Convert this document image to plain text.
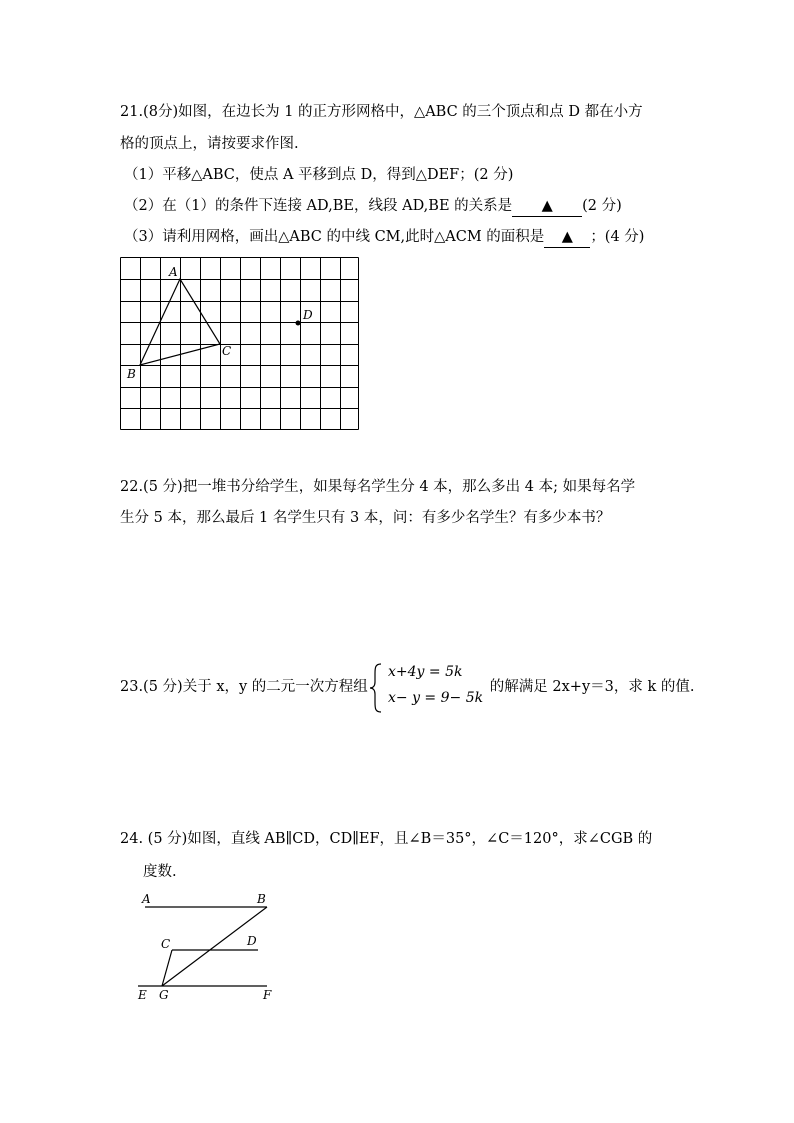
21.(8分)如图，在边长为 1 的正方形网格中，△ABC 的三个顶点和点 D 都在小方
格的顶点上，请按要求作图.
（1）平移△ABC，使点 A 平移到点 D，得到△DEF；(2 分)
（2）在（1）的条件下连接 AD,BE，线段 AD,BE 的关系是 ▲ (2 分)
（3）请利用网格，画出△ABC 的中线 CM,此时△ACM 的面积是 ▲ ；(4 分)
A
B
C
D
22.(5 分)把一堆书分给学生，如果每名学生分 4 本，那么多出 4 本; 如果每名学
生分 5 本，那么最后 1 名学生只有 3 本，问：有多少名学生？有多少本书？
23.(5 分)关于 x，y 的二元一次方程组	的解满足 2x+y＝3，求 k 的值.
x+4y = 5k
x− y = 9− 5k
24. (5 分)如图，直线 AB∥CD，CD∥EF，且∠B＝35°，∠C＝120°，求∠CGB 的
度数.
A	B
C	D
E G	F
